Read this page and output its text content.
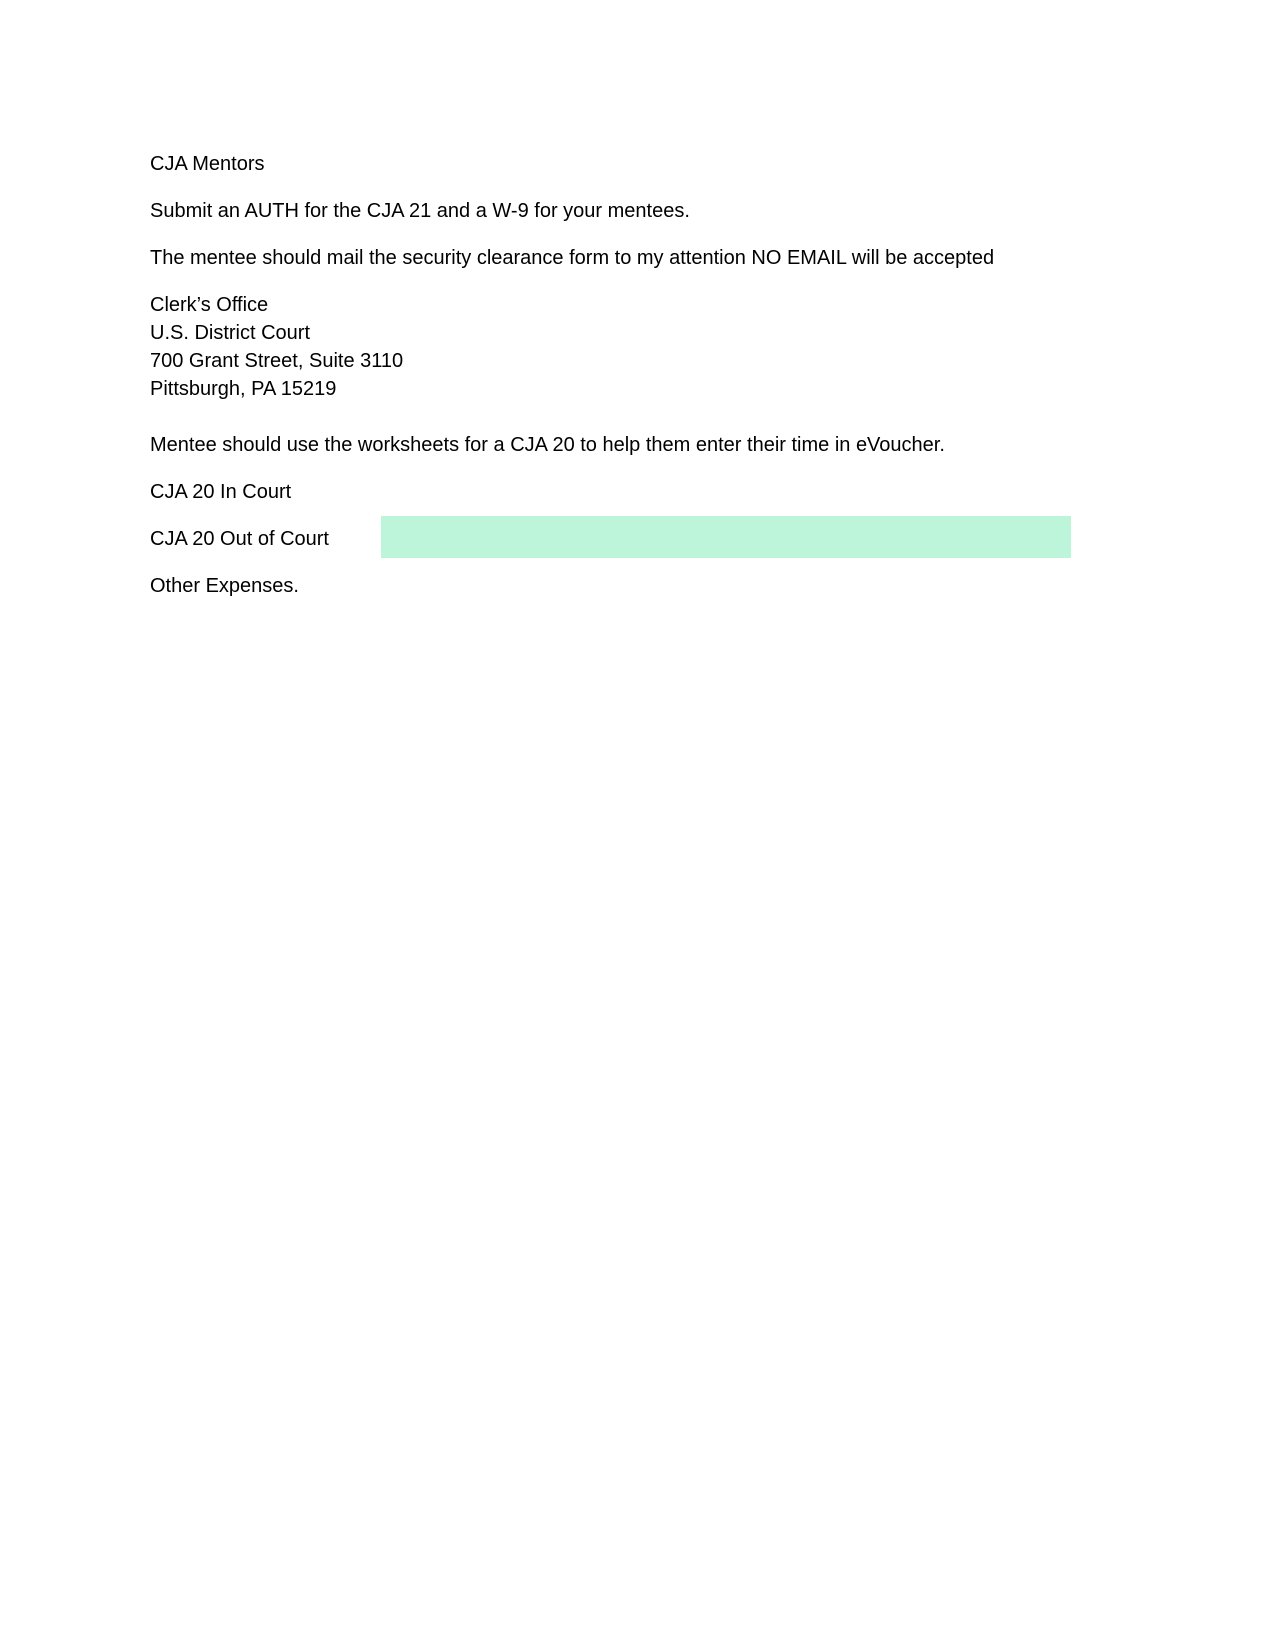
CJA Mentors
Submit an AUTH for the CJA 21 and a W-9 for your mentees.
The mentee should mail the security clearance form to my attention NO EMAIL will be accepted
Clerk’s Office
U.S. District Court
700 Grant Street, Suite 3110
Pittsburgh, PA 15219
Mentee should use the worksheets for a CJA 20 to help them enter their time in eVoucher.
CJA 20 In Court
CJA 20 Out of Court
Other Expenses.
